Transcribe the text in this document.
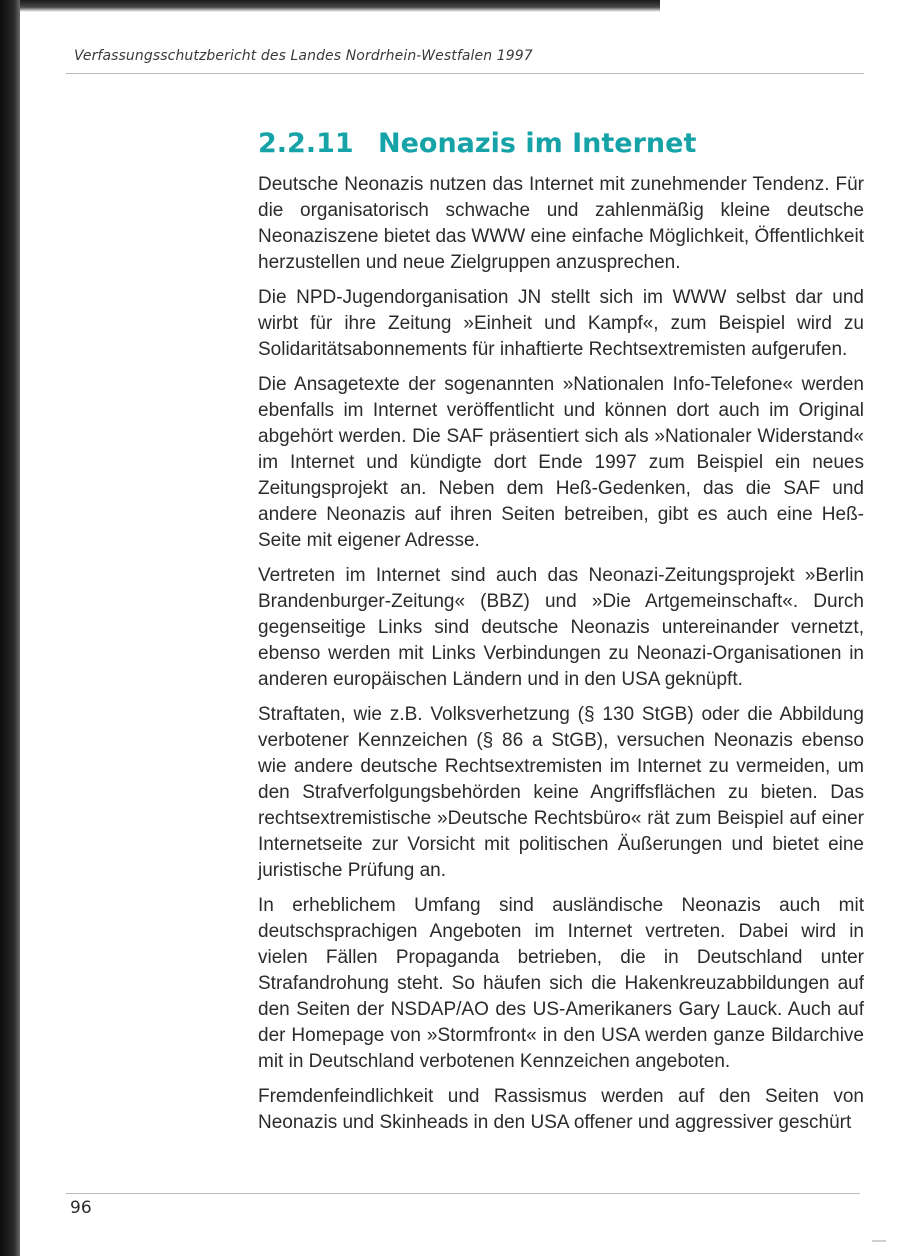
Verfassungsschutzbericht des Landes Nordrhein-Westfalen 1997
2.2.11 Neonazis im Internet

Deutsche Neonazis nutzen das Internet mit zunehmender Tendenz. Für die organisatorisch schwache und zahlenmäßig kleine deutsche Neonaziszene bietet das WWW eine einfache Möglichkeit, Öffentlichkeit herzustellen und neue Zielgruppen anzusprechen.

Die NPD-Jugendorganisation JN stellt sich im WWW selbst dar und wirbt für ihre Zeitung »Einheit und Kampf«, zum Beispiel wird zu Solidaritätsabonnements für inhaftierte Rechtsextremisten aufgerufen.

Die Ansagetexte der sogenannten »Nationalen Info-Telefone« werden ebenfalls im Internet veröffentlicht und können dort auch im Original abgehört werden. Die SAF präsentiert sich als »Nationaler Widerstand« im Internet und kündigte dort Ende 1997 zum Beispiel ein neues Zeitungsprojekt an. Neben dem Heß-Gedenken, das die SAF und andere Neonazis auf ihren Seiten betreiben, gibt es auch eine Heß-Seite mit eigener Adresse.

Vertreten im Internet sind auch das Neonazi-Zeitungsprojekt »Berlin Brandenburger-Zeitung« (BBZ) und »Die Artgemeinschaft«. Durch gegenseitige Links sind deutsche Neonazis untereinander vernetzt, ebenso werden mit Links Verbindungen zu Neonazi-Organisationen in anderen europäischen Ländern und in den USA geknüpft.

Straftaten, wie z.B. Volksverhetzung (§ 130 StGB) oder die Abbildung verbotener Kennzeichen (§ 86 a StGB), versuchen Neonazis ebenso wie andere deutsche Rechtsextremisten im Internet zu vermeiden, um den Strafverfolgungsbehörden keine Angriffsflächen zu bieten. Das rechtsextremistische »Deutsche Rechtsbüro« rät zum Beispiel auf einer Internetseite zur Vorsicht mit politischen Äußerungen und bietet eine juristische Prüfung an.

In erheblichem Umfang sind ausländische Neonazis auch mit deutschsprachigen Angeboten im Internet vertreten. Dabei wird in vielen Fällen Propaganda betrieben, die in Deutschland unter Strafandrohung steht. So häufen sich die Hakenkreuzabbildungen auf den Seiten der NSDAP/AO des US-Amerikaners Gary Lauck. Auch auf der Homepage von »Stormfront« in den USA werden ganze Bildarchive mit in Deutschland verbotenen Kennzeichen angeboten.

Fremdenfeindlichkeit und Rassismus werden auf den Seiten von Neonazis und Skinheads in den USA offener und aggressiver geschürt

96
